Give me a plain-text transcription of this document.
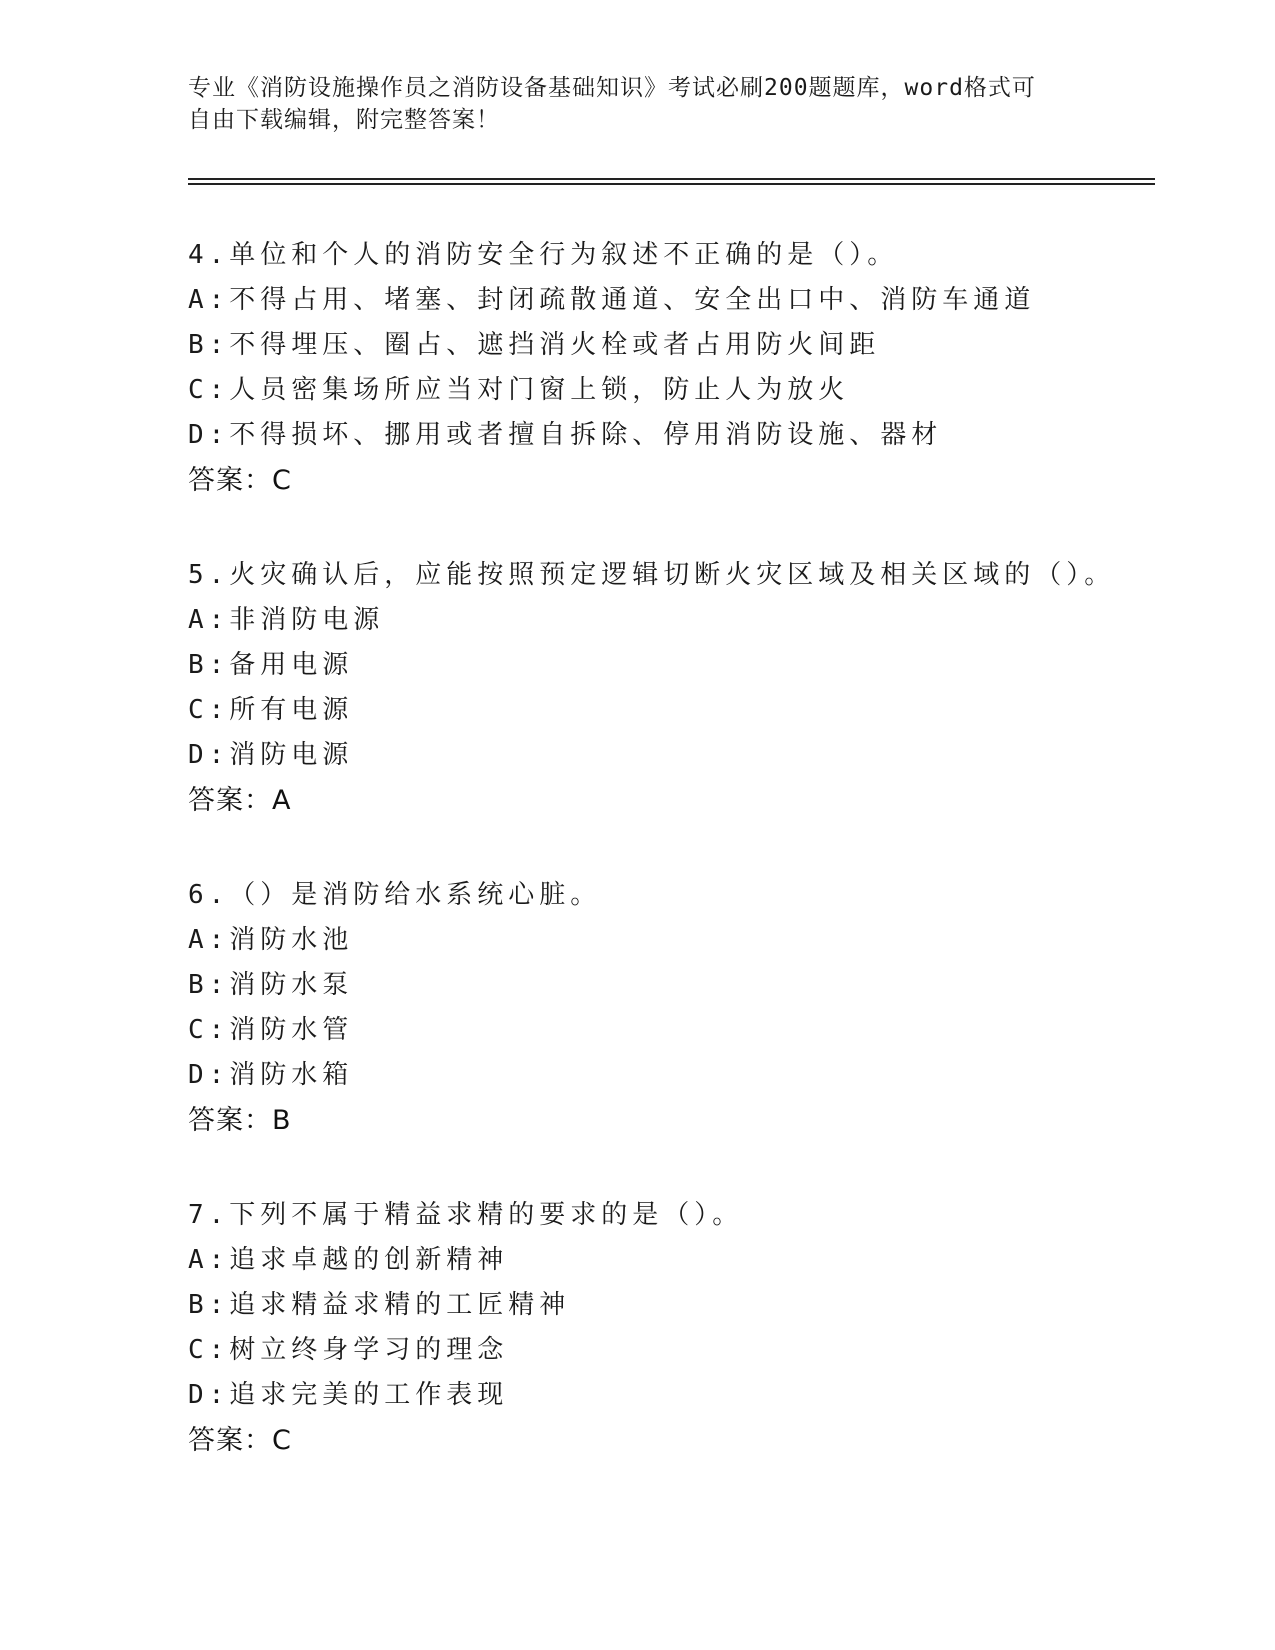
专业《消防设施操作员之消防设备基础知识》考试必刷200题题库，word格式可
自由下载编辑，附完整答案！
4.单位和个人的消防安全行为叙述不正确的是（）。
A:不得占用、堵塞、封闭疏散通道、安全出口中、消防车通道
B:不得埋压、圈占、遮挡消火栓或者占用防火间距
C:人员密集场所应当对门窗上锁，防止人为放火
D:不得损坏、挪用或者擅自拆除、停用消防设施、器材
答案：C
5.火灾确认后，应能按照预定逻辑切断火灾区域及相关区域的（）。
A:非消防电源
B:备用电源
C:所有电源
D:消防电源
答案：A
6.（）是消防给水系统心脏。
A:消防水池
B:消防水泵
C:消防水管
D:消防水箱
答案：B
7.下列不属于精益求精的要求的是（）。
A:追求卓越的创新精神
B:追求精益求精的工匠精神
C:树立终身学习的理念
D:追求完美的工作表现
答案：C
